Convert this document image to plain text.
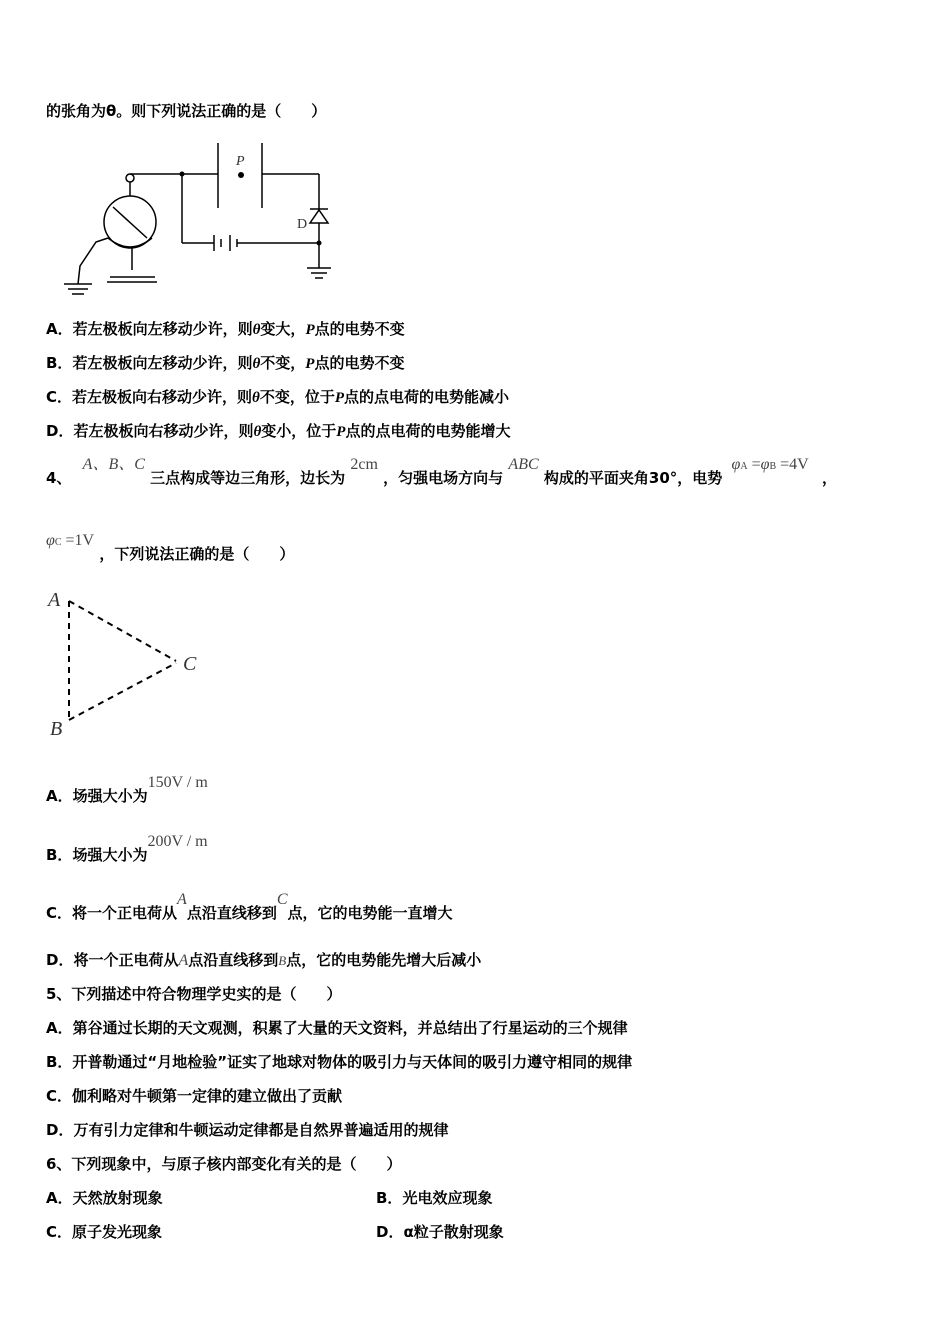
的张角为θ。则下列说法正确的是（　　）
P
D
A．若左极板向左移动少许，则θ变大，P点的电势不变
B．若左极板向左移动少许，则θ不变，P点的电势不变
C．若左极板向右移动少许，则θ不变，位于P点的点电荷的电势能减小
D．若左极板向右移动少许，则θ变小，位于P点的点电荷的电势能增大
4、 A、B、C 三点构成等边三角形，边长为 2cm ，匀强电场方向与 ABC 构成的平面夹角30°，电势 φA =φB =4V ，
φC =1V ，下列说法正确的是（　　）
A
B
C
A．场强大小为150V / m
B．场强大小为200V / m
C．将一个正电荷从A点沿直线移到C点，它的电势能一直增大
D．将一个正电荷从A点沿直线移到B点，它的电势能先增大后减小
5、下列描述中符合物理学史实的是（　　）
A．第谷通过长期的天文观测，积累了大量的天文资料，并总结出了行星运动的三个规律
B．开普勒通过“月地检验”证实了地球对物体的吸引力与天体间的吸引力遵守相同的规律
C．伽利略对牛顿第一定律的建立做出了贡献
D．万有引力定律和牛顿运动定律都是自然界普遍适用的规律
6、下列现象中，与原子核内部变化有关的是（　　）
A．天然放射现象	B．光电效应现象
C．原子发光现象	D．α粒子散射现象
